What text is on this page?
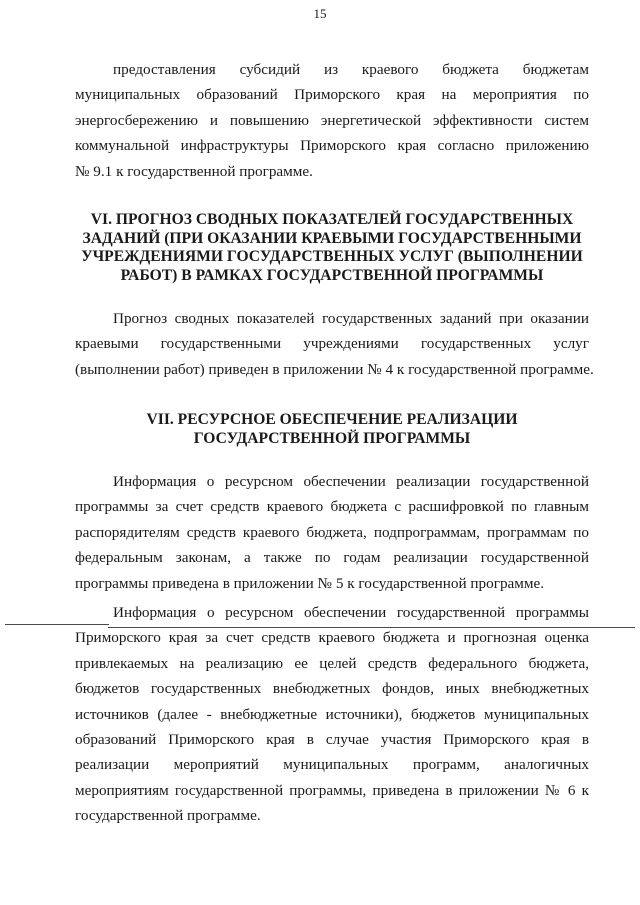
15
предоставления субсидий из краевого бюджета бюджетам
муниципальных образований Приморского края на мероприятия по
энергосбережению и повышению энергетической эффективности систем
коммунальной инфраструктуры Приморского края согласно приложению
№ 9.1 к государственной программе.
VI. ПРОГНОЗ СВОДНЫХ ПОКАЗАТЕЛЕЙ ГОСУДАРСТВЕННЫХ
ЗАДАНИЙ (ПРИ ОКАЗАНИИ КРАЕВЫМИ ГОСУДАРСТВЕННЫМИ
УЧРЕЖДЕНИЯМИ ГОСУДАРСТВЕННЫХ УСЛУГ (ВЫПОЛНЕНИИ
РАБОТ) В РАМКАХ ГОСУДАРСТВЕННОЙ ПРОГРАММЫ
Прогноз сводных показателей государственных заданий при оказании
краевыми государственными учреждениями государственных услуг
(выполнении работ) приведен в приложении № 4 к государственной программе.
VII. РЕСУРСНОЕ ОБЕСПЕЧЕНИЕ РЕАЛИЗАЦИИ
ГОСУДАРСТВЕННОЙ ПРОГРАММЫ
Информация о ресурсном обеспечении реализации государственной
программы за счет средств краевого бюджета с расшифровкой по главным
распорядителям средств краевого бюджета, подпрограммам, программам по
федеральным законам, а также по годам реализации государственной
программы приведена в приложении № 5 к государственной программе.
Информация о ресурсном обеспечении государственной программы
Приморского края за счет средств краевого бюджета и прогнозная оценка
привлекаемых на реализацию ее целей средств федерального бюджета,
бюджетов государственных внебюджетных фондов, иных внебюджетных
источников (далее - внебюджетные источники), бюджетов муниципальных
образований Приморского края в случае участия Приморского края в
реализации мероприятий муниципальных программ, аналогичных
мероприятиям государственной программы, приведена в приложении № 6 к
государственной программе.
